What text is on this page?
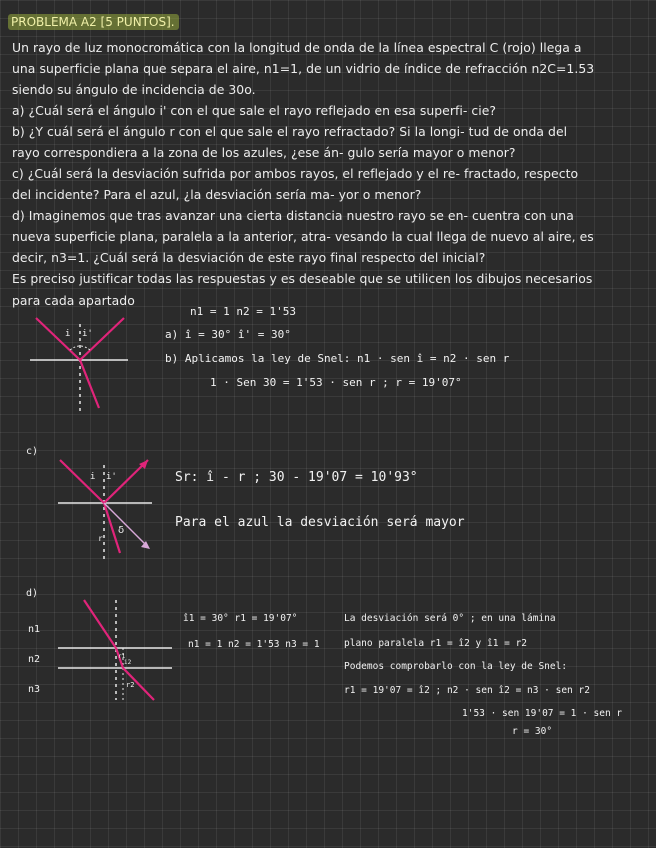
PROBLEMA A2 [5 PUNTOS].
Un rayo de luz monocromática con la longitud de onda de la línea espectral C (rojo) llega a
una superficie plana que separa el aire, n1=1, de un vidrio de índice de refracción n2C=1.53
siendo su ángulo de incidencia de 30o.
a) ¿Cuál será el ángulo i' con el que sale el rayo reflejado en esa superfi- cie?
b) ¿Y cuál será el ángulo r con el que sale el rayo refractado? Si la longi- tud de onda del
rayo correspondiera a la zona de los azules, ¿ese án- gulo sería mayor o menor?
c) ¿Cuál será la desviación sufrida por ambos rayos, el reflejado y el re- fractado, respecto
del incidente? Para el azul, ¿la desviación sería ma- yor o menor?
d) Imaginemos que tras avanzar una cierta distancia nuestro rayo se en- cuentra con una
nueva superficie plana, paralela a la anterior, atra- vesando la cual llega de nuevo al aire, es
decir, n3=1. ¿Cuál será la desviación de este rayo final respecto del inicial?
Es preciso justificar todas las respuestas y es deseable que se utilicen los dibujos necesarios
para cada apartado
i i'
n1 = 1 n2 = 1'53
a) î = 30° î' = 30°
b) Aplicamos la ley de Snel: n1 · sen î = n2 · sen r
1 · Sen 30 = 1'53 · sen r ; r = 19'07°
c)
i i'
r
δ
Sr: î - r ; 30 - 19'07 = 10'93°
Para el azul la desviación será mayor
d)
n1
n2
n3
r1
i2
r2
î1 = 30° r1 = 19'07°
n1 = 1 n2 = 1'53 n3 = 1
La desviación será 0° ; en una lámina
plano paralela r1 = î2 y î1 = r2
Podemos comprobarlo con la ley de Snel:
r1 = 19'07 = î2 ; n2 · sen î2 = n3 · sen r2
1'53 · sen 19'07 = 1 · sen r
r = 30°
